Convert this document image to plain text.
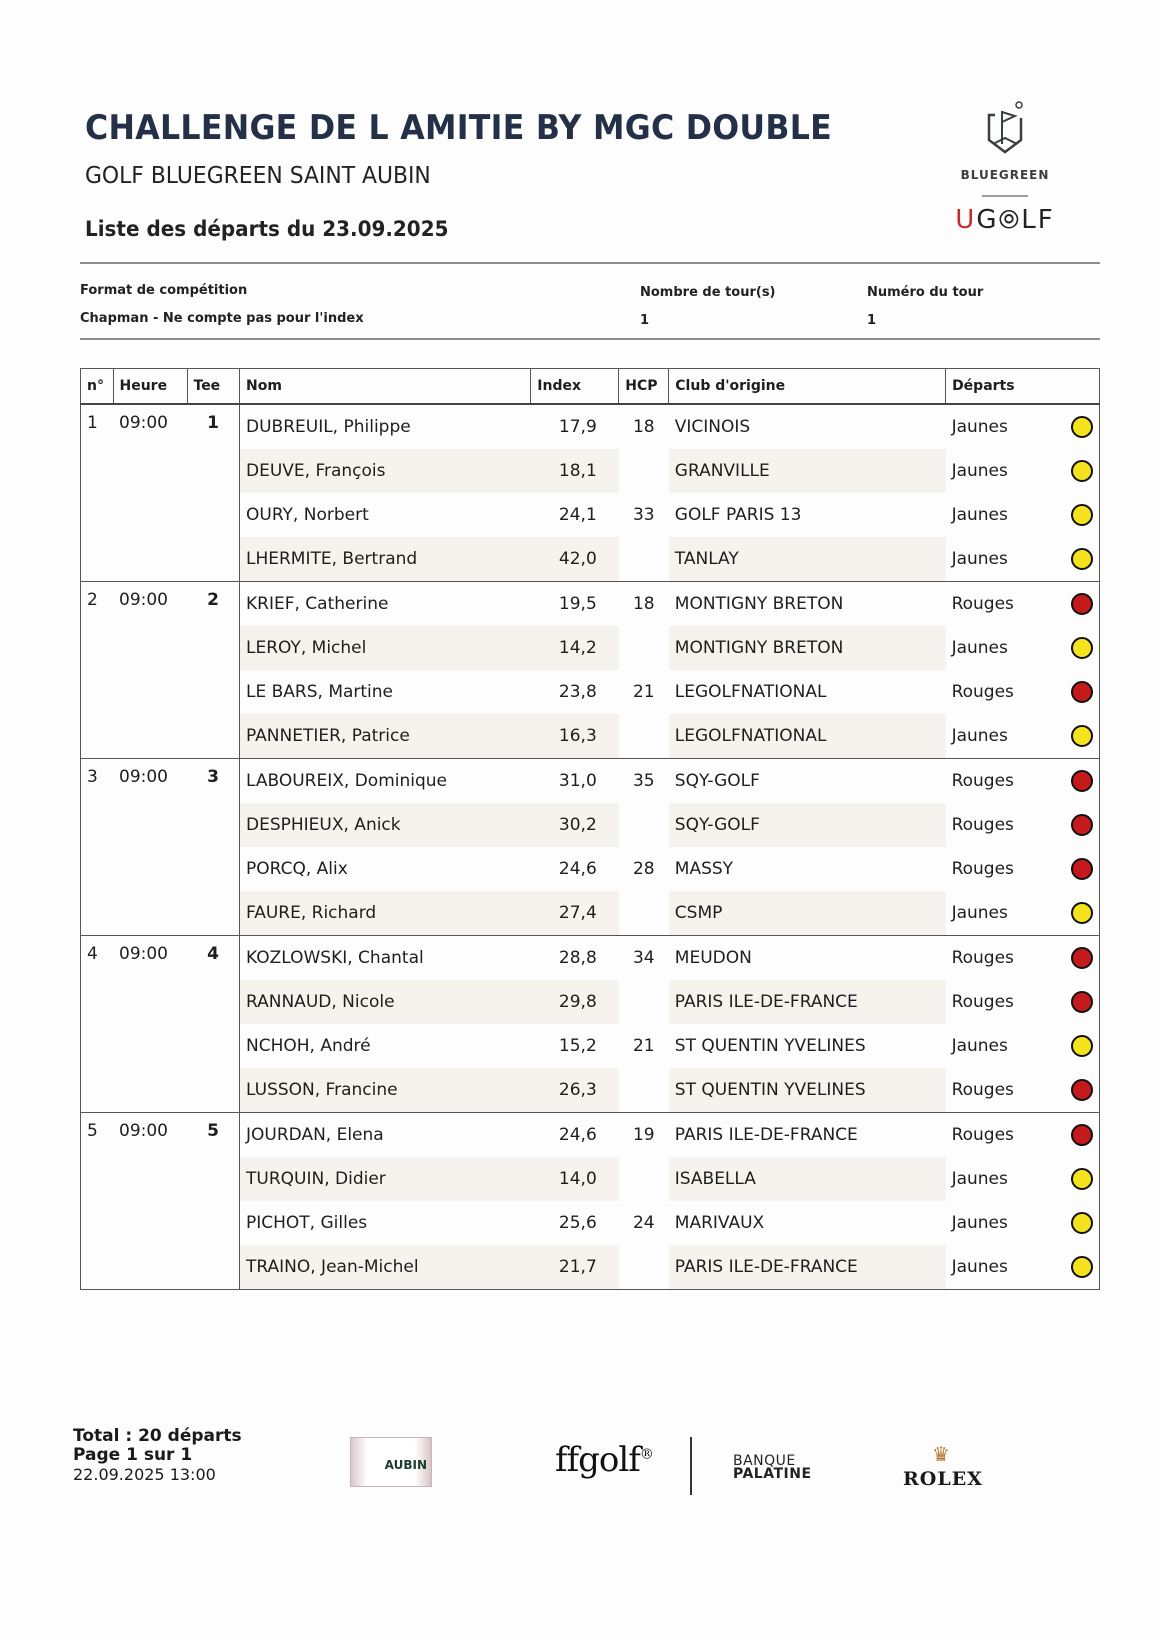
CHALLENGE DE L AMITIE BY MGC DOUBLE
GOLF BLUEGREEN SAINT AUBIN
Liste des départs du 23.09.2025
BLUEGREEN
UG⦾LF
Format de compétition
Chapman - Ne compte pas pour l'index
Nombre de tour(s)
1
Numéro du tour
1
n°	Heure	Tee	Nom	Index	HCP	Club d'origine	Départs	
1	09:00	1	DUBREUIL, Philippe	17,9	18	VICINOIS	Jaunes	
			DEUVE, François	18,1		GRANVILLE	Jaunes	
			OURY, Norbert	24,1	33	GOLF PARIS 13	Jaunes	
			LHERMITE, Bertrand	42,0		TANLAY	Jaunes	
2	09:00	2	KRIEF, Catherine	19,5	18	MONTIGNY BRETON	Rouges	
			LEROY, Michel	14,2		MONTIGNY BRETON	Jaunes	
			LE BARS, Martine	23,8	21	LEGOLFNATIONAL	Rouges	
			PANNETIER, Patrice	16,3		LEGOLFNATIONAL	Jaunes	
3	09:00	3	LABOUREIX, Dominique	31,0	35	SQY-GOLF	Rouges	
			DESPHIEUX, Anick	30,2		SQY-GOLF	Rouges	
			PORCQ, Alix	24,6	28	MASSY	Rouges	
			FAURE, Richard	27,4		CSMP	Jaunes	
4	09:00	4	KOZLOWSKI, Chantal	28,8	34	MEUDON	Rouges	
			RANNAUD, Nicole	29,8		PARIS ILE-DE-FRANCE	Rouges	
			NCHOH, André	15,2	21	ST QUENTIN YVELINES	Jaunes	
			LUSSON, Francine	26,3		ST QUENTIN YVELINES	Rouges	
5	09:00	5	JOURDAN, Elena	24,6	19	PARIS ILE-DE-FRANCE	Rouges	
			TURQUIN, Didier	14,0		ISABELLA	Jaunes	
			PICHOT, Gilles	25,6	24	MARIVAUX	Jaunes	
			TRAINO, Jean-Michel	21,7		PARIS ILE-DE-FRANCE	Jaunes	
Total : 20 départs
Page 1 sur 1
22.09.2025 13:00	AUBIN	ffgolf®	BANQUE
PALATINE
♛
ROLEX
